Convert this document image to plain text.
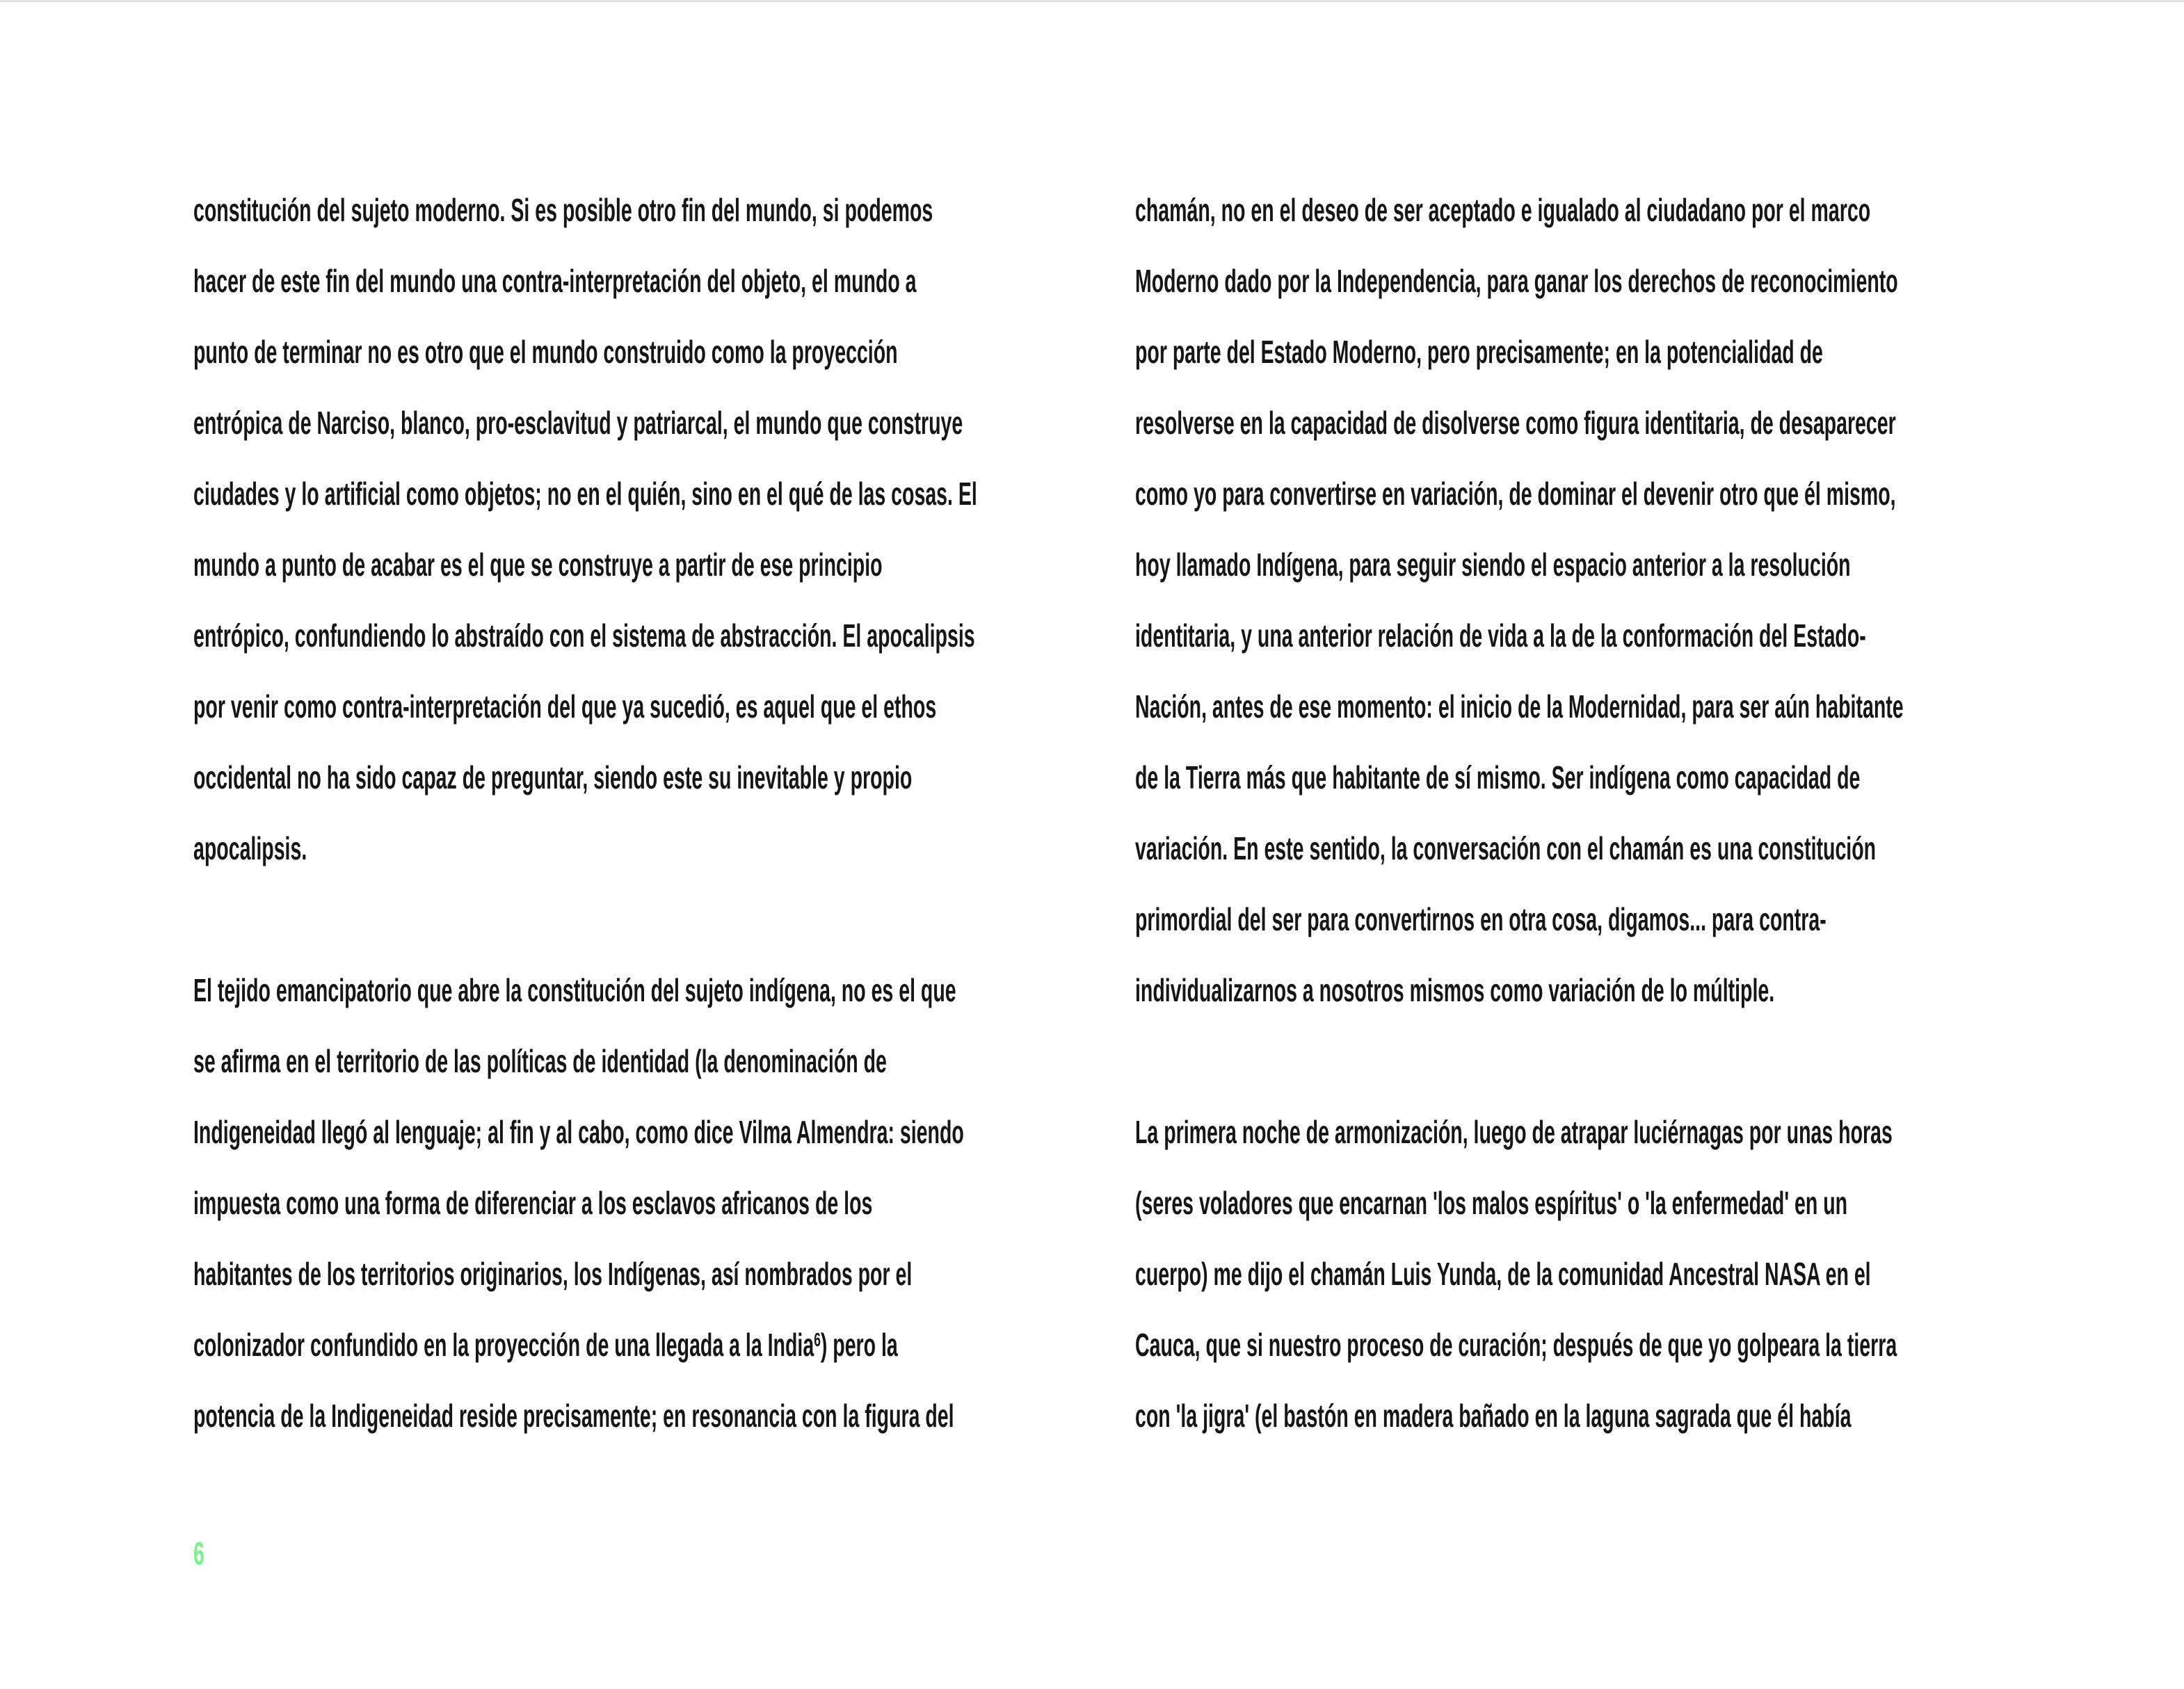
constitución del sujeto moderno. Si es posible otro fin del mundo, si podemos
hacer de este fin del mundo una contra-interpretación del objeto, el mundo a
punto de terminar no es otro que el mundo construido como la proyección
entrópica de Narciso, blanco, pro-esclavitud y patriarcal, el mundo que construye
ciudades y lo artificial como objetos; no en el quién, sino en el qué de las cosas. El
mundo a punto de acabar es el que se construye a partir de ese principio
entrópico, confundiendo lo abstraído con el sistema de abstracción. El apocalipsis
por venir como contra-interpretación del que ya sucedió, es aquel que el ethos
occidental no ha sido capaz de preguntar, siendo este su inevitable y propio
apocalipsis.
El tejido emancipatorio que abre la constitución del sujeto indígena, no es el que
se afirma en el territorio de las políticas de identidad (la denominación de
Indigeneidad llegó al lenguaje; al fin y al cabo, como dice Vilma Almendra: siendo
impuesta como una forma de diferenciar a los esclavos africanos de los
habitantes de los territorios originarios, los Indígenas, así nombrados por el
colonizador confundido en la proyección de una llegada a la India$^6$) pero la
potencia de la Indigeneidad reside precisamente; en resonancia con la figura del
chamán, no en el deseo de ser aceptado e igualado al ciudadano por el marco
Moderno dado por la Independencia, para ganar los derechos de reconocimiento
por parte del Estado Moderno, pero precisamente; en la potencialidad de
resolverse en la capacidad de disolverse como figura identitaria, de desaparecer
como yo para convertirse en variación, de dominar el devenir otro que él mismo,
hoy llamado Indígena, para seguir siendo el espacio anterior a la resolución
identitaria, y una anterior relación de vida a la de la conformación del Estado-
Nación, antes de ese momento: el inicio de la Modernidad, para ser aún habitante
de la Tierra más que habitante de sí mismo. Ser indígena como capacidad de
variación. En este sentido, la conversación con el chamán es una constitución
primordial del ser para convertirnos en otra cosa, digamos... para contra-
individualizarnos a nosotros mismos como variación de lo múltiple.
La primera noche de armonización, luego de atrapar luciérnagas por unas horas
(seres voladores que encarnan 'los malos espíritus' o 'la enfermedad' en un
cuerpo) me dijo el chamán Luis Yunda, de la comunidad Ancestral NASA en el
Cauca, que si nuestro proceso de curación; después de que yo golpeara la tierra
con 'la jigra' (el bastón en madera bañado en la laguna sagrada que él había
6
